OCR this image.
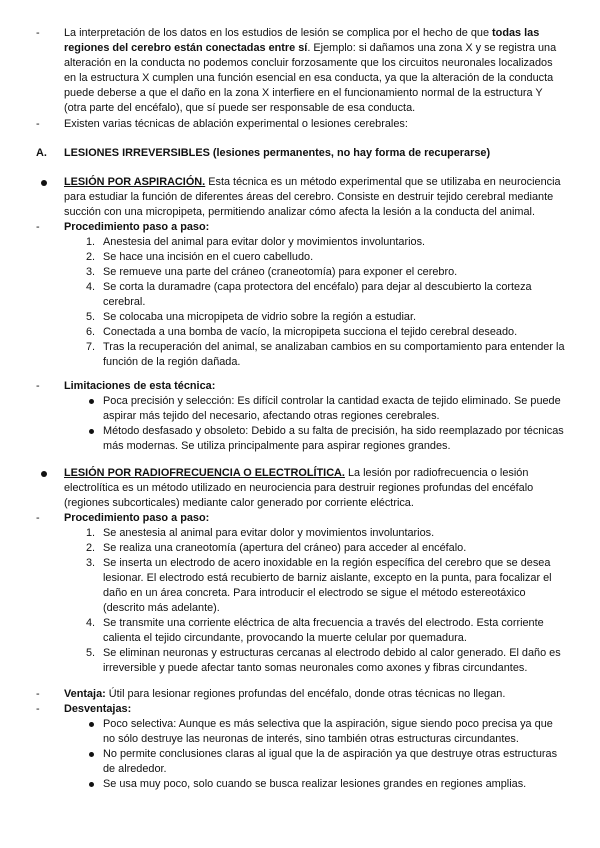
- La interpretación de los datos en los estudios de lesión se complica por el hecho de que todas las
regiones del cerebro están conectadas entre sí. Ejemplo: si dañamos una zona X y se registra una
alteración en la conducta no podemos concluir forzosamente que los circuitos neuronales localizados
en la estructura X cumplen una función esencial en esa conducta, ya que la alteración de la conducta
puede deberse a que el daño en la zona X interfiere en el funcionamiento normal de la estructura Y
(otra parte del encéfalo), que sí puede ser responsable de esa conducta.
- Existen varias técnicas de ablación experimental o lesiones cerebrales:
A. LESIONES IRREVERSIBLES (lesiones permanentes, no hay forma de recuperarse)
LESIÓN POR ASPIRACIÓN. Esta técnica es un método experimental que se utilizaba en neurociencia
para estudiar la función de diferentes áreas del cerebro. Consiste en destruir tejido cerebral mediante
succión con una micropipeta, permitiendo analizar cómo afecta la lesión a la conducta del animal.
- Procedimiento paso a paso:
1. Anestesia del animal para evitar dolor y movimientos involuntarios.
2. Se hace una incisión en el cuero cabelludo.
3. Se remueve una parte del cráneo (craneotomía) para exponer el cerebro.
4. Se corta la duramadre (capa protectora del encéfalo) para dejar al descubierto la corteza
cerebral.
5. Se colocaba una micropipeta de vidrio sobre la región a estudiar.
6. Conectada a una bomba de vacío, la micropipeta succiona el tejido cerebral deseado.
7. Tras la recuperación del animal, se analizaban cambios en su comportamiento para entender la
función de la región dañada.
- Limitaciones de esta técnica:
Poca precisión y selección: Es difícil controlar la cantidad exacta de tejido eliminado. Se puede
aspirar más tejido del necesario, afectando otras regiones cerebrales.
Método desfasado y obsoleto: Debido a su falta de precisión, ha sido reemplazado por técnicas
más modernas. Se utiliza principalmente para aspirar regiones grandes.
LESIÓN POR RADIOFRECUENCIA O ELECTROLÍTICA. La lesión por radiofrecuencia o lesión
electrolítica es un método utilizado en neurociencia para destruir regiones profundas del encéfalo
(regiones subcorticales) mediante calor generado por corriente eléctrica.
- Procedimiento paso a paso:
1. Se anestesia al animal para evitar dolor y movimientos involuntarios.
2. Se realiza una craneotomía (apertura del cráneo) para acceder al encéfalo.
3. Se inserta un electrodo de acero inoxidable en la región específica del cerebro que se desea
lesionar. El electrodo está recubierto de barniz aislante, excepto en la punta, para focalizar el
daño en un área concreta. Para introducir el electrodo se sigue el método estereotáxico
(descrito más adelante).
4. Se transmite una corriente eléctrica de alta frecuencia a través del electrodo. Esta corriente
calienta el tejido circundante, provocando la muerte celular por quemadura.
5. Se eliminan neuronas y estructuras cercanas al electrodo debido al calor generado. El daño es
irreversible y puede afectar tanto somas neuronales como axones y fibras circundantes.
- Ventaja: Útil para lesionar regiones profundas del encéfalo, donde otras técnicas no llegan.
- Desventajas:
Poco selectiva: Aunque es más selectiva que la aspiración, sigue siendo poco precisa ya que
no sólo destruye las neuronas de interés, sino también otras estructuras circundantes.
No permite conclusiones claras al igual que la de aspiración ya que destruye otras estructuras
de alrededor.
Se usa muy poco, solo cuando se busca realizar lesiones grandes en regiones amplias.
